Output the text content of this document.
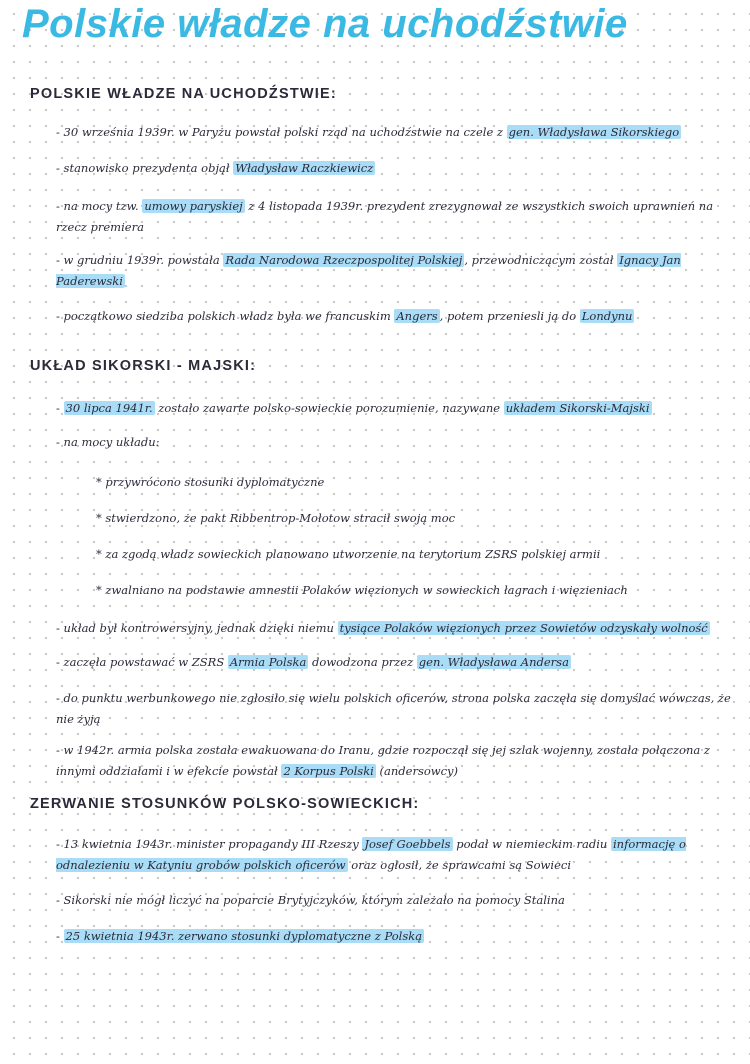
Polskie władze na uchodźstwie
POLSKIE WŁADZE NA UCHODŹSTWIE:

- 30 września 1939r. w Paryżu powstał polski rząd na uchodźstwie na czele z gen. Władysława Sikorskiego

- stanowisko prezydenta objął Władysław Raczkiewicz

- na mocy tzw. umowy paryskiej z 4 listopada 1939r. prezydent zrezygnował ze wszystkich swoich uprawnień na rzecz premiera

- w grudniu 1939r. powstała Rada Narodowa Rzeczpospolitej Polskiej , przewodniczącym został Ignacy Jan Paderewski

- początkowo siedziba polskich władz była we francuskim Angers , potem przeniesli ją do Londynu

UKŁAD SIKORSKI - MAJSKI:

- 30 lipca 1941r. zostało zawarte polsko-sowieckie porozumienie, nazywane układem Sikorski-Majski

- na mocy układu:

* przywrócono stosunki dyplomatyczne

* stwierdzono, że pakt Ribbentrop-Mołotow stracił swoją moc

* za zgodą władz sowieckich planowano utworzenie na terytorium ZSRS polskiej armii

* zwalniano na podstawie amnestii Polaków więzionych w sowieckich łagrach i więzieniach

- układ był kontrowersyjny, jednak dzięki niemu tysiące Polaków więzionych przez Sowietów odzyskały wolność

- zaczęła powstawać w ZSRS Armia Polska dowodzona przez gen. Władysława Andersa

- do punktu werbunkowego nie zgłosiło się wielu polskich oficerów, strona polska zaczęła się domyślać wówczas, że nie żyją

- w 1942r. armia polska została ewakuowana do Iranu, gdzie rozpoczął się jej szlak wojenny, została połączona z innymi oddziałami i w efekcie powstał 2 Korpus Polski (andersowcy)

ZERWANIE STOSUNKÓW POLSKO-SOWIECKICH:

- 13 kwietnia 1943r. minister propagandy III Rzeszy Josef Goebbels podał w niemieckim radiu informację o odnalezieniu w Katyniu grobów polskich oficerów oraz ogłosił, że sprawcami są Sowieci

- Sikorski nie mógł liczyć na poparcie Brytyjczyków, którym zależało na pomocy Stalina

- 25 kwietnia 1943r. zerwano stosunki dyplomatyczne z Polską
